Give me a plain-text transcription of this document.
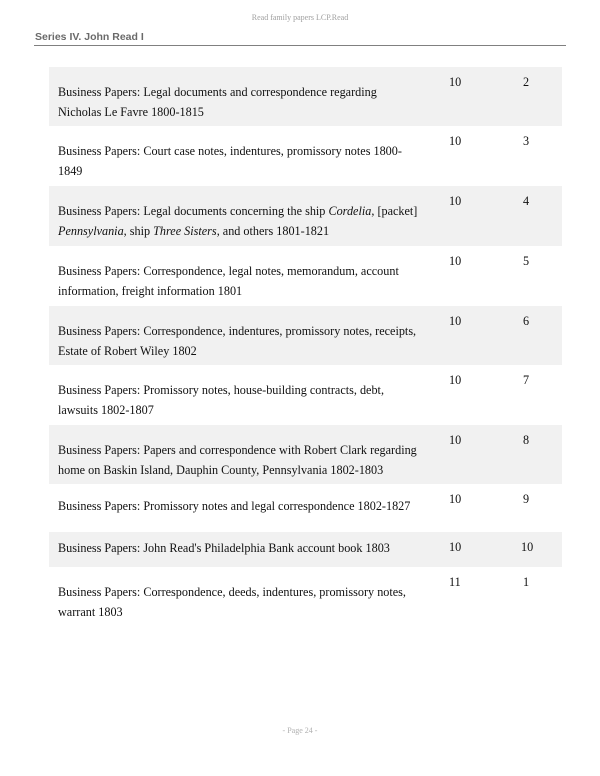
Read family papers LCP.Read
Series IV. John Read I
Business Papers: Legal documents and correspondence regarding Nicholas Le Favre 1800-1815
10	2
Business Papers: Court case notes, indentures, promissory notes 1800-1849
10	3
Business Papers: Legal documents concerning the ship Cordelia, [packet] Pennsylvania, ship Three Sisters, and others 1801-1821
10	4
Business Papers: Correspondence, legal notes, memorandum, account information, freight information 1801
10	5
Business Papers: Correspondence, indentures, promissory notes, receipts, Estate of Robert Wiley 1802
10	6
Business Papers: Promissory notes, house-building contracts, debt, lawsuits 1802-1807
10	7
Business Papers: Papers and correspondence with Robert Clark regarding home on Baskin Island, Dauphin County, Pennsylvania 1802-1803
10	8
Business Papers: Promissory notes and legal correspondence 1802-1827	10	9
Business Papers: John Read's Philadelphia Bank account book 1803	10	10
Business Papers: Correspondence, deeds, indentures, promissory notes, warrant 1803
11	1
- Page 24 -
